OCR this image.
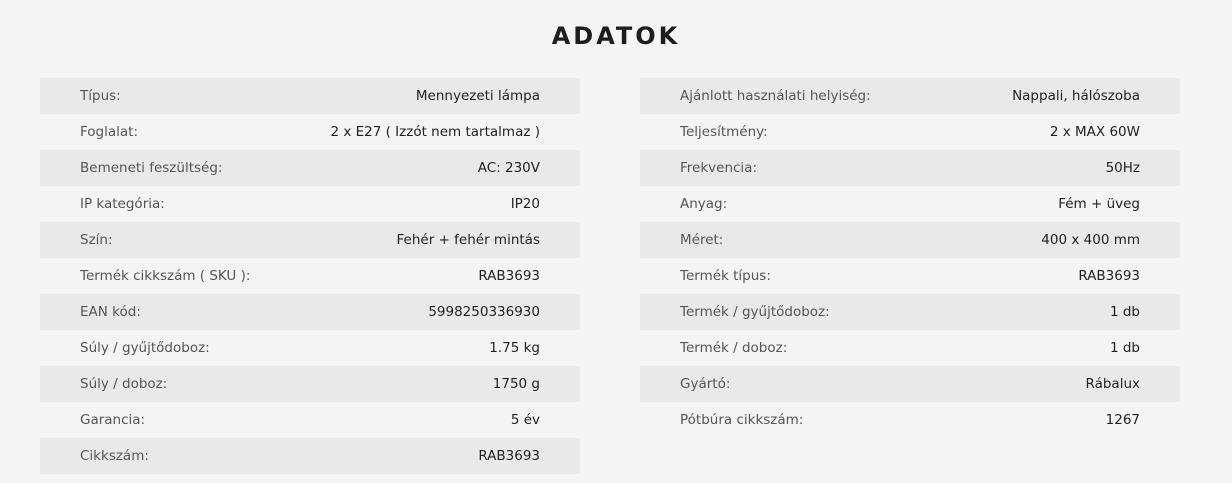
ADATOK
Típus:	Mennyezeti lámpa
Foglalat:	2 x E27 ( Izzót nem tartalmaz )
Bemeneti feszültség:	AC: 230V
IP kategória:	IP20
Szín:	Fehér + fehér mintás
Termék cikkszám ( SKU ):	RAB3693
EAN kód:	5998250336930
Súly / gyűjtődoboz:	1.75 kg
Súly / doboz:	1750 g
Garancia:	5 év
Cikkszám:	RAB3693
Ajánlott használati helyiség:	Nappali, hálószoba
Teljesítmény:	2 x MAX 60W
Frekvencia:	50Hz
Anyag:	Fém + üveg
Méret:	400 x 400 mm
Termék típus:	RAB3693
Termék / gyűjtődoboz:	1 db
Termék / doboz:	1 db
Gyártó:	Rábalux
Pótbúra cikkszám:	1267
